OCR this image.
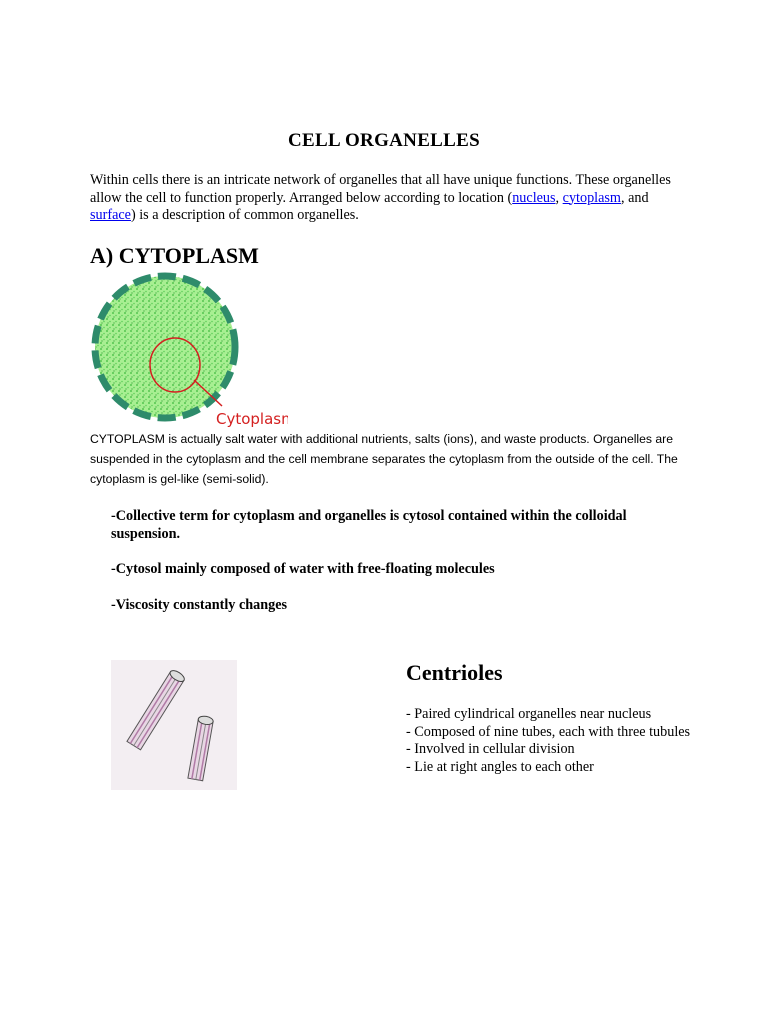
CELL ORGANELLES
Within cells there is an intricate network of organelles that all have unique functions. These organelles allow the cell to function properly. Arranged below according to location (nucleus, cytoplasm, and surface) is a description of common organelles.
A) CYTOPLASM
Cytoplasm
CYTOPLASM is actually salt water with additional nutrients, salts (ions), and waste products. Organelles are suspended in the cytoplasm and the cell membrane separates the cytoplasm from the outside of the cell. The cytoplasm is gel-like (semi-solid).

-Collective term for cytoplasm and organelles is cytosol contained within the colloidal suspension.

-Cytosol mainly composed of water with free-floating molecules

-Viscosity constantly changes

Centrioles
- Paired cylindrical organelles near nucleus
- Composed of nine tubes, each with three tubules
- Involved in cellular division
- Lie at right angles to each other
